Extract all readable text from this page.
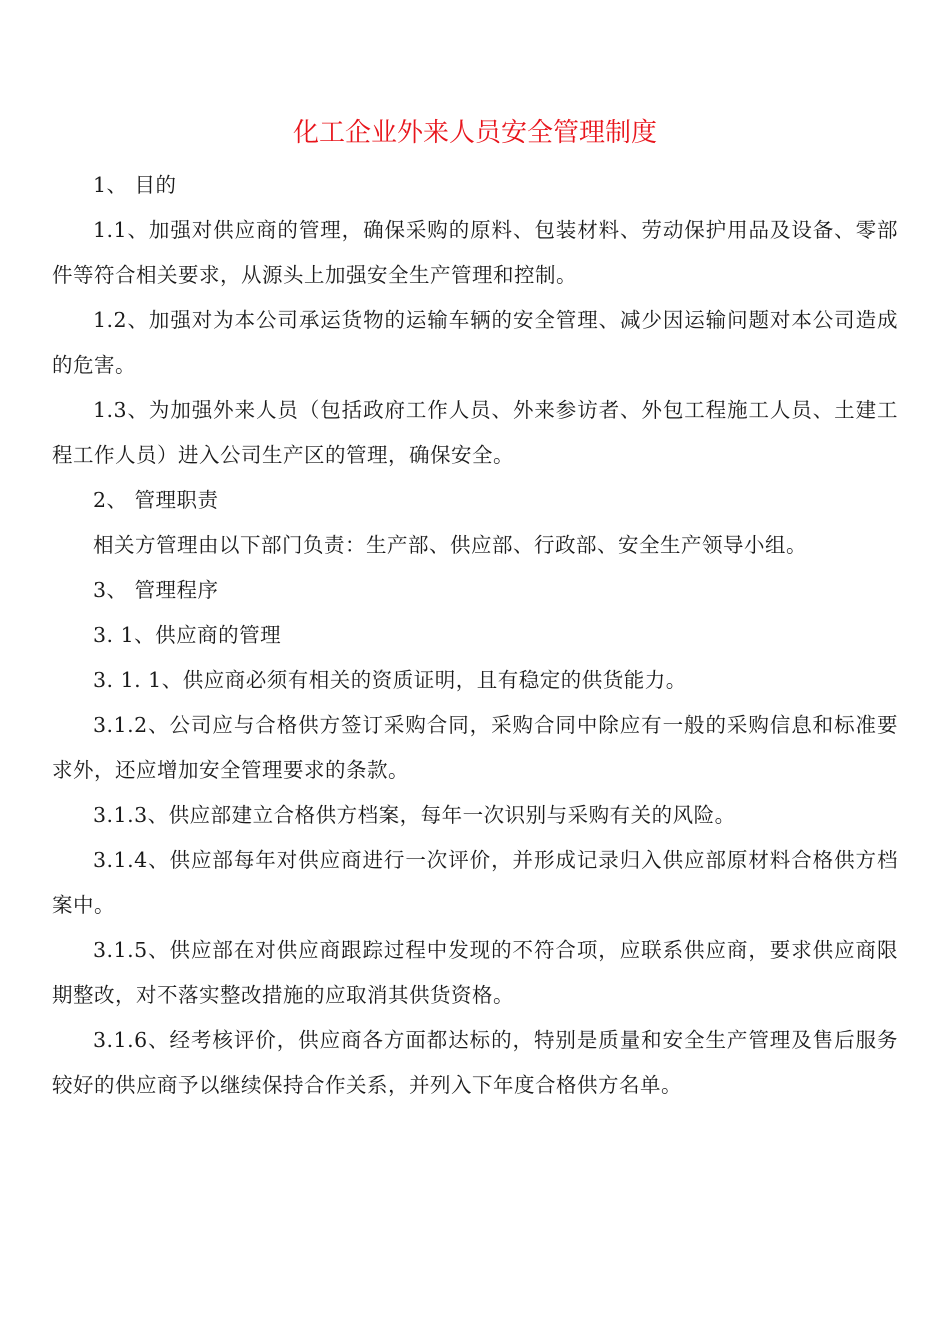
化工企业外来人员安全管理制度

1、 目的

1.1、加强对供应商的管理，确保采购的原料、包装材料、劳动保护用品及设备、零部件等符合相关要求，从源头上加强安全生产管理和控制。

1.2、加强对为本公司承运货物的运输车辆的安全管理、减少因运输问题对本公司造成的危害。

1.3、为加强外来人员（包括政府工作人员、外来参访者、外包工程施工人员、土建工程工作人员）进入公司生产区的管理，确保安全。

2、 管理职责

相关方管理由以下部门负责：生产部、供应部、行政部、安全生产领导小组。

3、 管理程序

3. 1、供应商的管理

3. 1. 1、供应商必须有相关的资质证明，且有稳定的供货能力。

3.1.2、公司应与合格供方签订采购合同，采购合同中除应有一般的采购信息和标准要求外，还应增加安全管理要求的条款。

3.1.3、供应部建立合格供方档案，每年一次识别与采购有关的风险。

3.1.4、供应部每年对供应商进行一次评价，并形成记录归入供应部原材料合格供方档案中。

3.1.5、供应部在对供应商跟踪过程中发现的不符合项，应联系供应商，要求供应商限期整改，对不落实整改措施的应取消其供货资格。

3.1.6、经考核评价，供应商各方面都达标的，特别是质量和安全生产管理及售后服务较好的供应商予以继续保持合作关系，并列入下年度合格供方名单。
